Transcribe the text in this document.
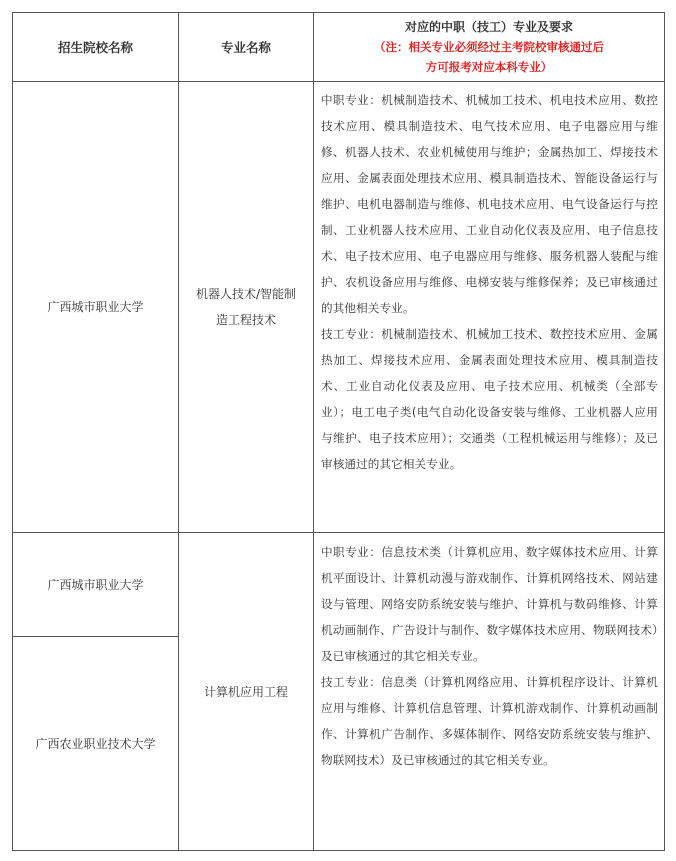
招生院校名称	专业名称
对应的中职（技工）专业及要求
（注：相关专业必须经过主考院校审核通过后
方可报考对应本科专业）
广西城市职业大学
机器人技术/智能制
造工程技术

中职专业：机械制造技术、机械加工技术、机电技术应用、数控技术应用、模具制造技术、电气技术应用、电子电器应用与维修、机器人技术、农业机械使用与维护；金属热加工、焊接技术应用、金属表面处理技术应用、模具制造技术、智能设备运行与维护、电机电器制造与维修、机电技术应用、电气设备运行与控制、工业机器人技术应用、工业自动化仪表及应用、电子信息技术、电子技术应用、电子电器应用与维修、服务机器人装配与维护、农机设备应用与维修、电梯安装与维修保养；及已审核通过的其他相关专业。

技工专业：机械制造技术、机械加工技术、数控技术应用、金属热加工、焊接技术应用、金属表面处理技术应用、模具制造技术、工业自动化仪表及应用、电子技术应用、机械类（全部专业）；电工电子类(电气自动化设备安装与维修、工业机器人应用与维护、电子技术应用）；交通类（工程机械运用与维修）；及已审核通过的其它相关专业。

广西城市职业大学
广西农业职业技术大学
计算机应用工程

中职专业：信息技术类（计算机应用、数字媒体技术应用、计算机平面设计、计算机动漫与游戏制作、计算机网络技术、网站建设与管理、网络安防系统安装与维护、计算机与数码维修、计算机动画制作、广告设计与制作、数字媒体技术应用、物联网技术）及已审核通过的其它相关专业。

技工专业：信息类（计算机网络应用、计算机程序设计、计算机应用与维修、计算机信息管理、计算机游戏制作、计算机动画制作、计算机广告制作、多媒体制作、网络安防系统安装与维护、物联网技术）及已审核通过的其它相关专业。
